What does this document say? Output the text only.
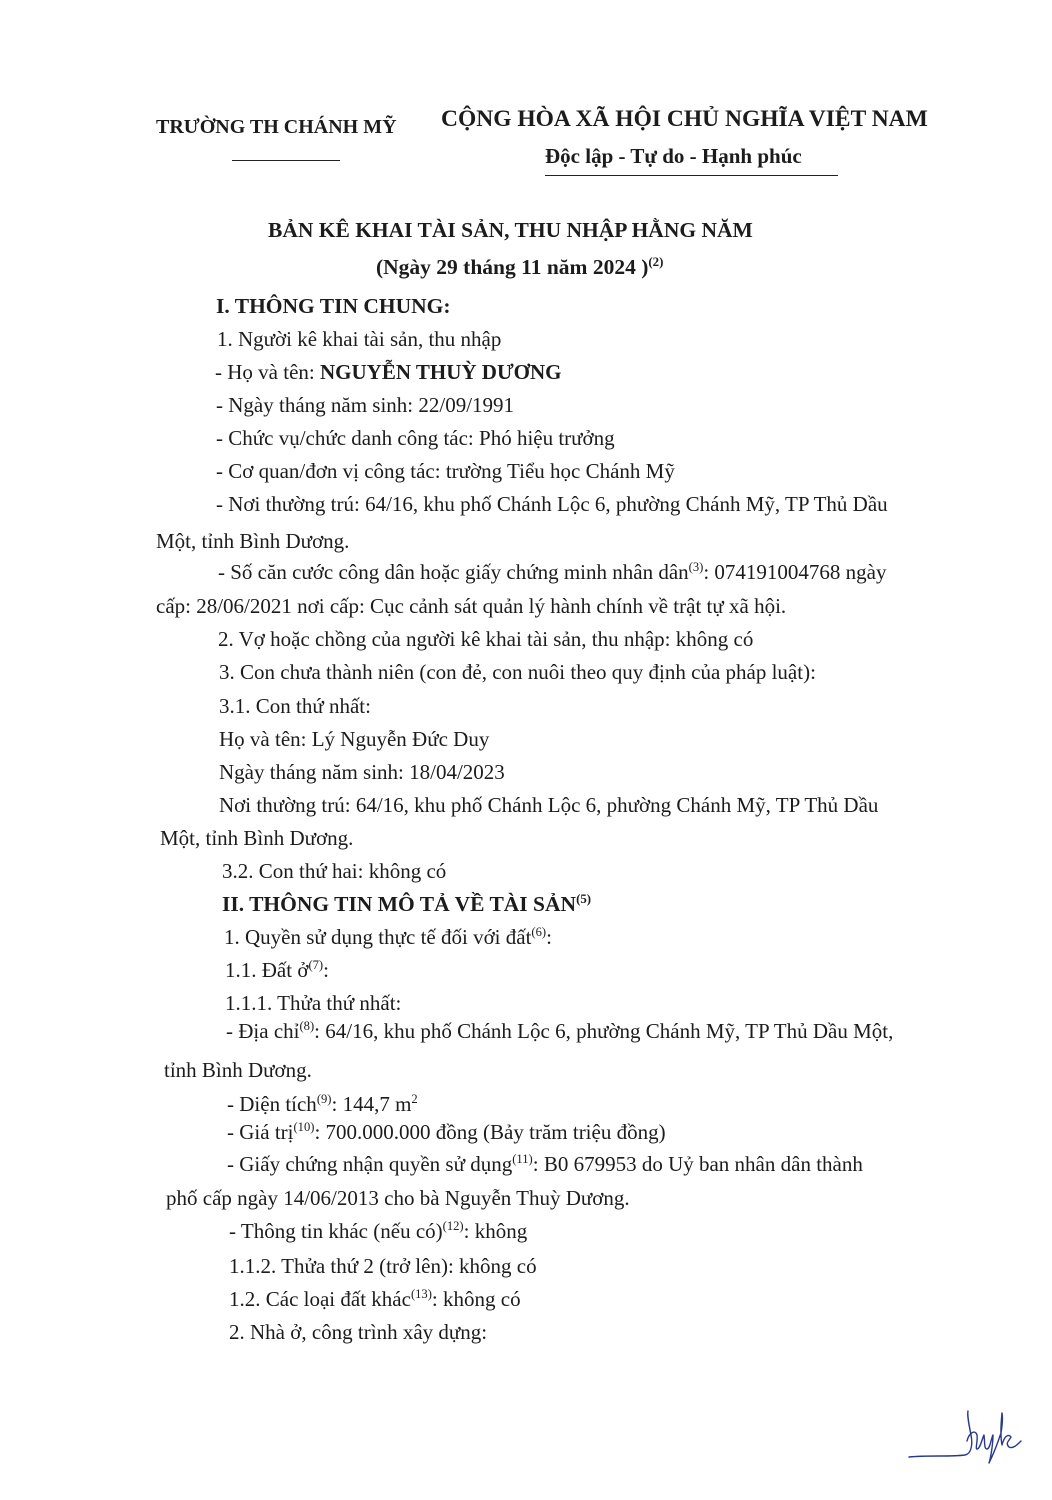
TRƯỜNG TH CHÁNH MỸ CỘNG HÒA XÃ HỘI CHỦ NGHĨA VIỆT NAM
Độc lập - Tự do - Hạnh phúc
BẢN KÊ KHAI TÀI SẢN, THU NHẬP HẰNG NĂM
(Ngày 29 tháng 11 năm 2024 )$^{(2)}$
I. THÔNG TIN CHUNG:
1. Người kê khai tài sản, thu nhập
- Họ và tên: NGUYỄN THUỲ DƯƠNG
- Ngày tháng năm sinh: 22/09/1991
- Chức vụ/chức danh công tác: Phó hiệu trưởng
- Cơ quan/đơn vị công tác: trường Tiểu học Chánh Mỹ
- Nơi thường trú: 64/16, khu phố Chánh Lộc 6, phường Chánh Mỹ, TP Thủ Dầu
Một, tỉnh Bình Dương.
- Số căn cước công dân hoặc giấy chứng minh nhân dân$^{(3)}$: 074191004768 ngày
cấp: 28/06/2021 nơi cấp: Cục cảnh sát quản lý hành chính về trật tự xã hội.
2. Vợ hoặc chồng của người kê khai tài sản, thu nhập: không có
3. Con chưa thành niên (con đẻ, con nuôi theo quy định của pháp luật):
3.1. Con thứ nhất:
Họ và tên: Lý Nguyễn Đức Duy
Ngày tháng năm sinh: 18/04/2023
Nơi thường trú: 64/16, khu phố Chánh Lộc 6, phường Chánh Mỹ, TP Thủ Dầu
Một, tỉnh Bình Dương.
3.2. Con thứ hai: không có
II. THÔNG TIN MÔ TẢ VỀ TÀI SẢN$^{(5)}$
1. Quyền sử dụng thực tế đối với đất$^{(6)}$:
1.1. Đất ở$^{(7)}$:
1.1.1. Thửa thứ nhất:
- Địa chỉ$^{(8)}$: 64/16, khu phố Chánh Lộc 6, phường Chánh Mỹ, TP Thủ Dầu Một,
tỉnh Bình Dương.
- Diện tích$^{(9)}$: 144,7 $m^2$
- Giá trị$^{(10)}$: 700.000.000 đồng (Bảy trăm triệu đồng)
- Giấy chứng nhận quyền sử dụng$^{(11)}$: B0 679953 do Uỷ ban nhân dân thành
phố cấp ngày 14/06/2013 cho bà Nguyễn Thuỳ Dương.
- Thông tin khác (nếu có)$^{(12)}$: không
1.1.2. Thửa thứ 2 (trở lên): không có
1.2. Các loại đất khác$^{(13)}$: không có
2. Nhà ở, công trình xây dựng:
